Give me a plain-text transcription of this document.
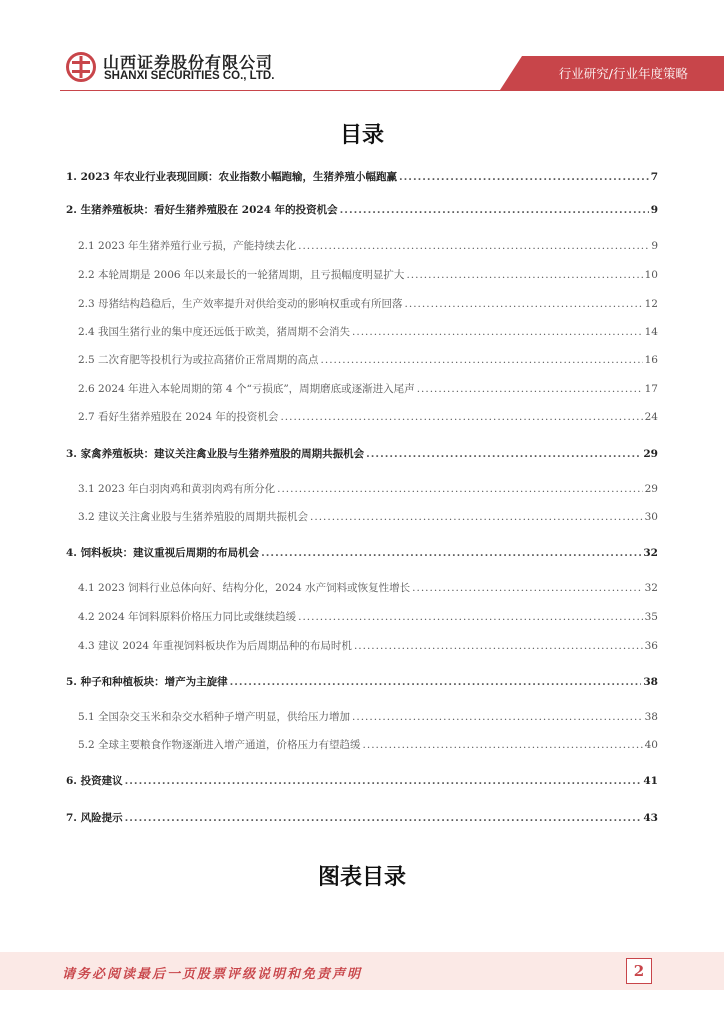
山西证券股份有限公司
SHANXI SECURITIES CO., LTD.	行业研究/行业年度策略
目录
1. 2023 年农业行业表现回顾：农业指数小幅跑输，生猪养殖小幅跑赢 .....	7
2. 生猪养殖板块：看好生猪养殖股在 2024 年的投资机会 .....	9
2.1 2023 年生猪养殖行业亏损，产能持续去化 .....	9
2.2 本轮周期是 2006 年以来最长的一轮猪周期，且亏损幅度明显扩大 .....	10
2.3 母猪结构趋稳后，生产效率提升对供给变动的影响权重或有所回落 .....	12
2.4 我国生猪行业的集中度还远低于欧美，猪周期不会消失 .....	14
2.5 二次育肥等投机行为或拉高猪价正常周期的高点 .....	16
2.6 2024 年进入本轮周期的第 4 个“亏损底”，周期磨底或逐渐进入尾声 .....	17
2.7 看好生猪养殖股在 2024 年的投资机会 .....	24
3. 家禽养殖板块：建议关注禽业股与生猪养殖股的周期共振机会 .....	29
3.1 2023 年白羽肉鸡和黄羽肉鸡有所分化 .....	29
3.2 建议关注禽业股与生猪养殖股的周期共振机会 .....	30
4. 饲料板块：建议重视后周期的布局机会 .....	32
4.1 2023 饲料行业总体向好、结构分化，2024 水产饲料或恢复性增长 .....	32
4.2 2024 年饲料原料价格压力同比或继续趋缓 .....	35
4.3 建议 2024 年重视饲料板块作为后周期品种的布局时机 .....	36
5. 种子和种植板块：增产为主旋律 .....	38
5.1 全国杂交玉米和杂交水稻种子增产明显，供给压力增加 .....	38
5.2 全球主要粮食作物逐渐进入增产通道，价格压力有望趋缓 .....	40
6. 投资建议 .....	41
7. 风险提示 .....	43
图表目录
请务必阅读最后一页股票评级说明和免责声明	2
